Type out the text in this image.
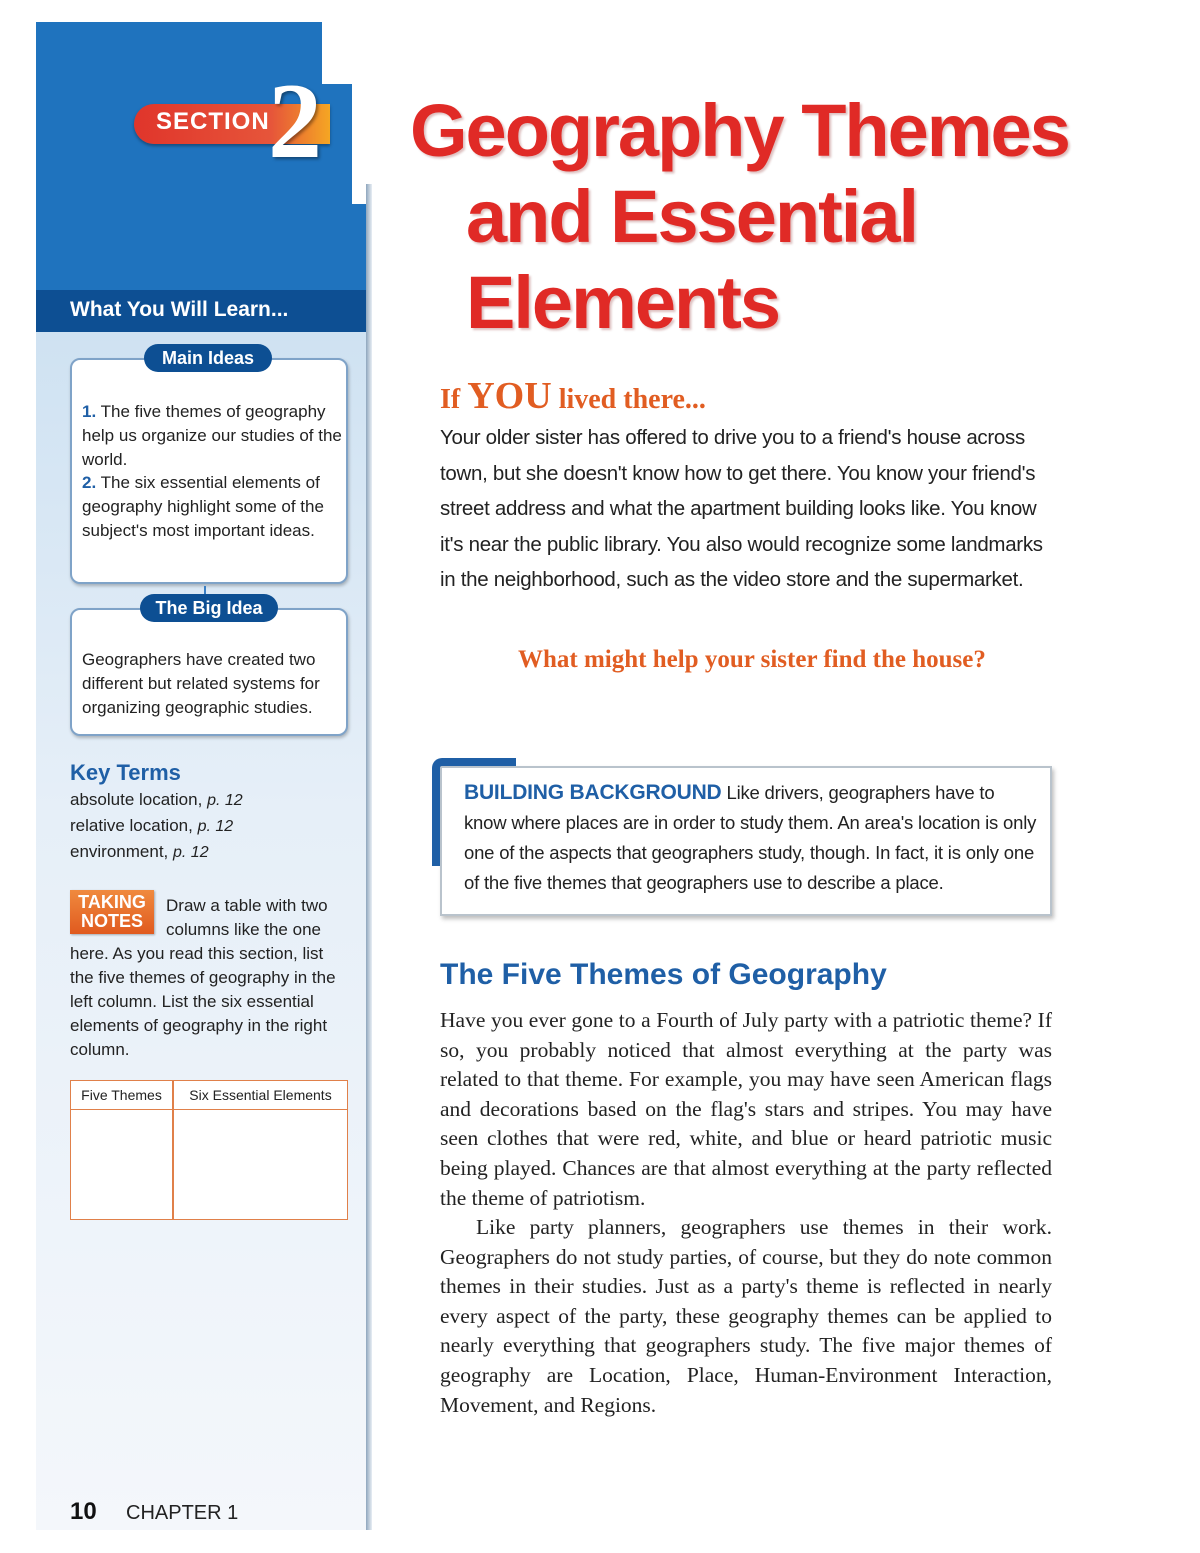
SECTION
2
What You Will Learn...
Main Ideas
1. The five themes of geography help us organize our studies of the world.
2. The six essential elements of geography highlight some of the subject's most important ideas.
The Big Idea
Geographers have created two different but related systems for organizing geographic studies.
Key Terms
absolute location, p. 12
relative location, p. 12
environment, p. 12
TAKING
NOTES
Draw a table with two
columns like the one
here. As you read this section, list the five themes of geography in the left column. List the six essential elements of geography in the right column.
Five Themes	Six Essential Elements
10 CHAPTER 1
Geography Themes
and Essential
Elements
If YOU lived there...
Your older sister has offered to drive you to a friend's house across town, but she doesn't know how to get there. You know your friend's street address and what the apartment building looks like. You know it's near the public library. You also would recognize some landmarks in the neighborhood, such as the video store and the supermarket.
What might help your sister find the house?
BUILDING BACKGROUND Like drivers, geographers have to know where places are in order to study them. An area's location is only one of the aspects that geographers study, though. In fact, it is only one of the five themes that geographers use to describe a place.
The Five Themes of Geography
Have you ever gone to a Fourth of July party with a patriotic theme? If so, you probably noticed that almost everything at the party was related to that theme. For example, you may have seen American flags and decorations based on the flag's stars and stripes. You may have seen clothes that were red, white, and blue or heard patriotic music being played. Chances are that almost everything at the party reflected the theme of patriotism.
Like party planners, geographers use themes in their work. Geographers do not study parties, of course, but they do note common themes in their studies. Just as a party's theme is reflected in nearly every aspect of the party, these geography themes can be applied to nearly everything that geographers study. The five major themes of geography are Location, Place, Human-Environment Interaction, Movement, and Regions.
